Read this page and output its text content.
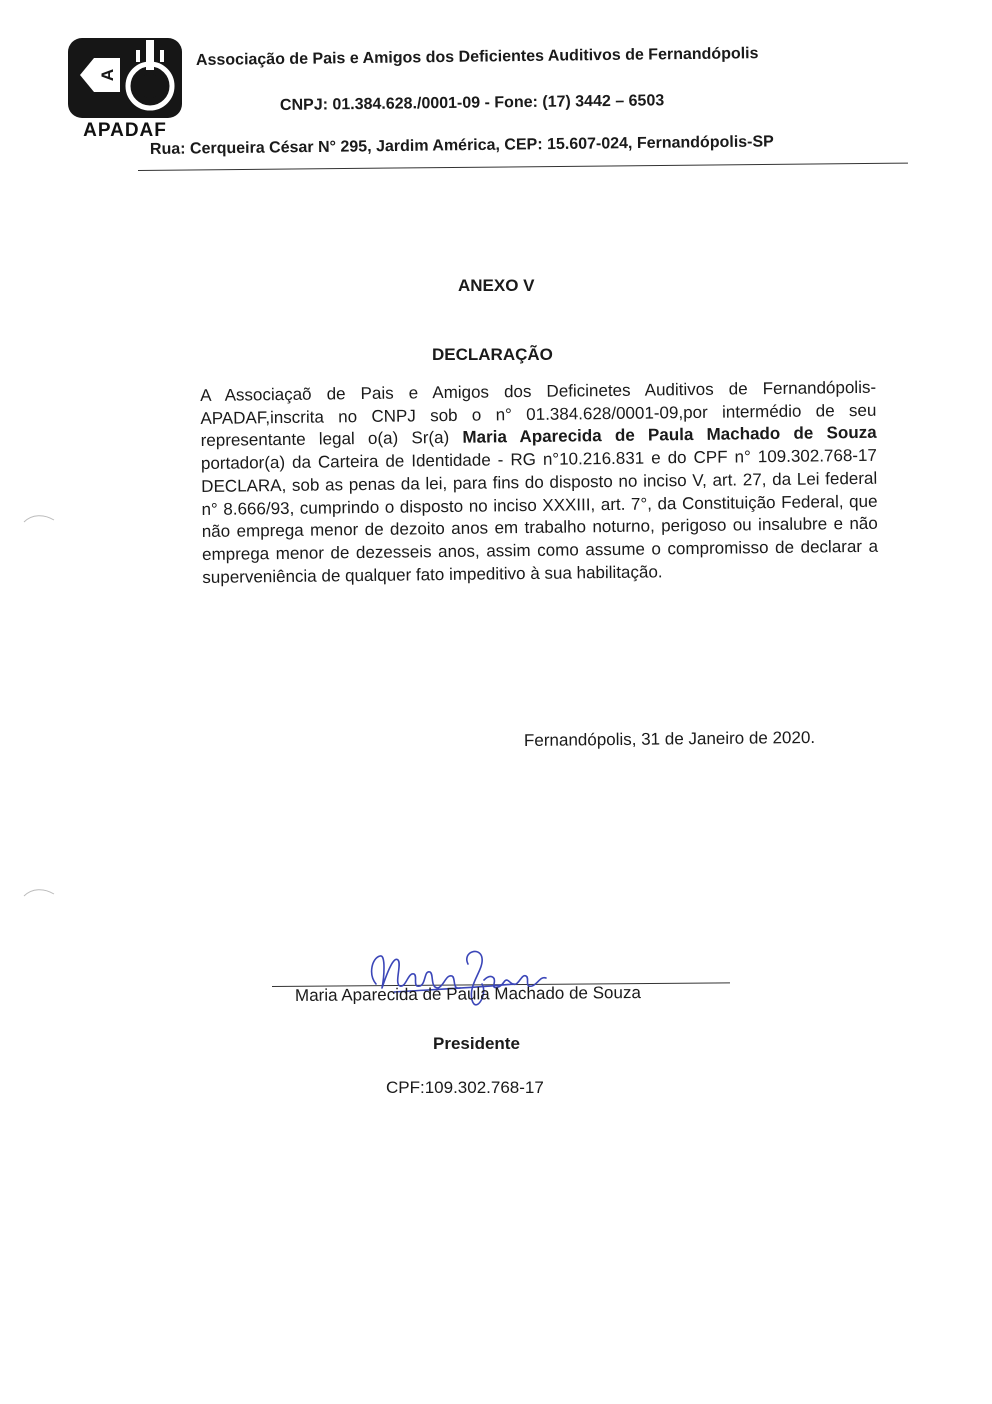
A
APADAF
Associação de Pais e Amigos dos Deficientes Auditivos de Fernandópolis
CNPJ: 01.384.628./0001-09 - Fone: (17) 3442 – 6503
Rua: Cerqueira César N° 295, Jardim América, CEP: 15.607-024, Fernandópolis-SP
ANEXO V
DECLARAÇÃO
A Associaçaõ de Pais e Amigos dos Deficinetes Auditivos de Fernandópolis-APADAF,inscrita no CNPJ sob o n° 01.384.628/0001-09,por intermédio de seu representante legal o(a) Sr(a) Maria Aparecida de Paula Machado de Souza portador(a) da Carteira de Identidade - RG n°10.216.831 e do CPF n° 109.302.768-17 DECLARA, sob as penas da lei, para fins do disposto no inciso V, art. 27, da Lei federal n° 8.666/93, cumprindo o disposto no inciso XXXIII, art. 7°, da Constituição Federal, que não emprega menor de dezoito anos em trabalho noturno, perigoso ou insalubre e não emprega menor de dezesseis anos, assim como assume o compromisso de declarar a superveniência de qualquer fato impeditivo à sua habilitação.
Fernandópolis, 31 de Janeiro de 2020.
Maria Aparecida de Paula Machado de Souza
Presidente
CPF:109.302.768-17
